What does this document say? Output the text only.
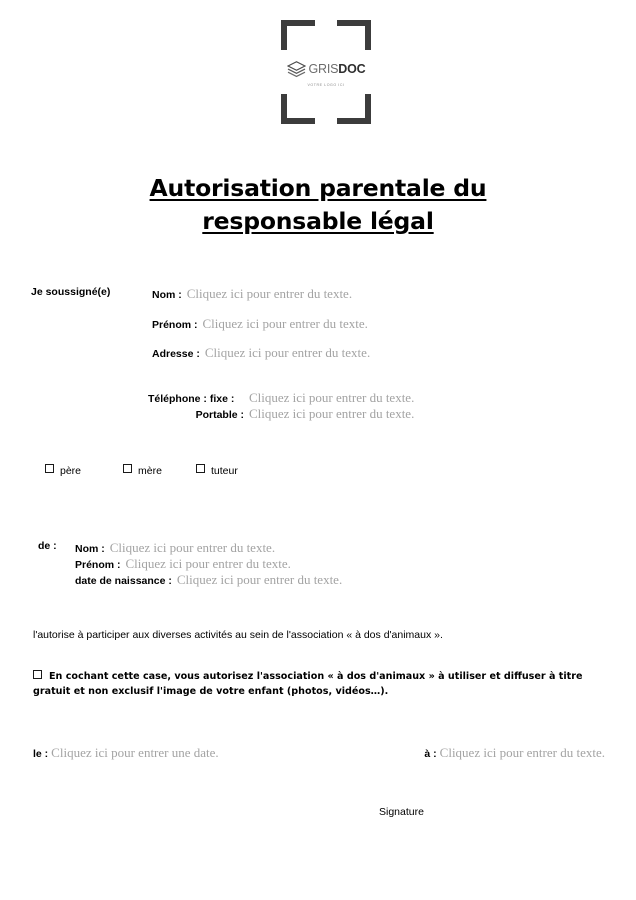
GRISDOC
VOTRE LOGO ICI
Autorisation parentale du
responsable légal
Je soussigné(e)	Nom : Cliquez ici pour entrer du texte.
Prénom : Cliquez ici pour entrer du texte.
Adresse : Cliquez ici pour entrer du texte.
Téléphone : fixe :	Cliquez ici pour entrer du texte.
Portable : Cliquez ici pour entrer du texte.
père	mère	tuteur
de : Nom : Cliquez ici pour entrer du texte.
Prénom : Cliquez ici pour entrer du texte.
date de naissance : Cliquez ici pour entrer du texte.
l'autorise à participer aux diverses activités au sein de l'association « à dos d'animaux ».
En cochant cette case, vous autorisez l'association « à dos d'animaux » à utiliser et diffuser à titre gratuit et non exclusif l'image de votre enfant (photos, vidéos…).
le : Cliquez ici pour entrer une date.	à : Cliquez ici pour entrer du texte.
Signature
